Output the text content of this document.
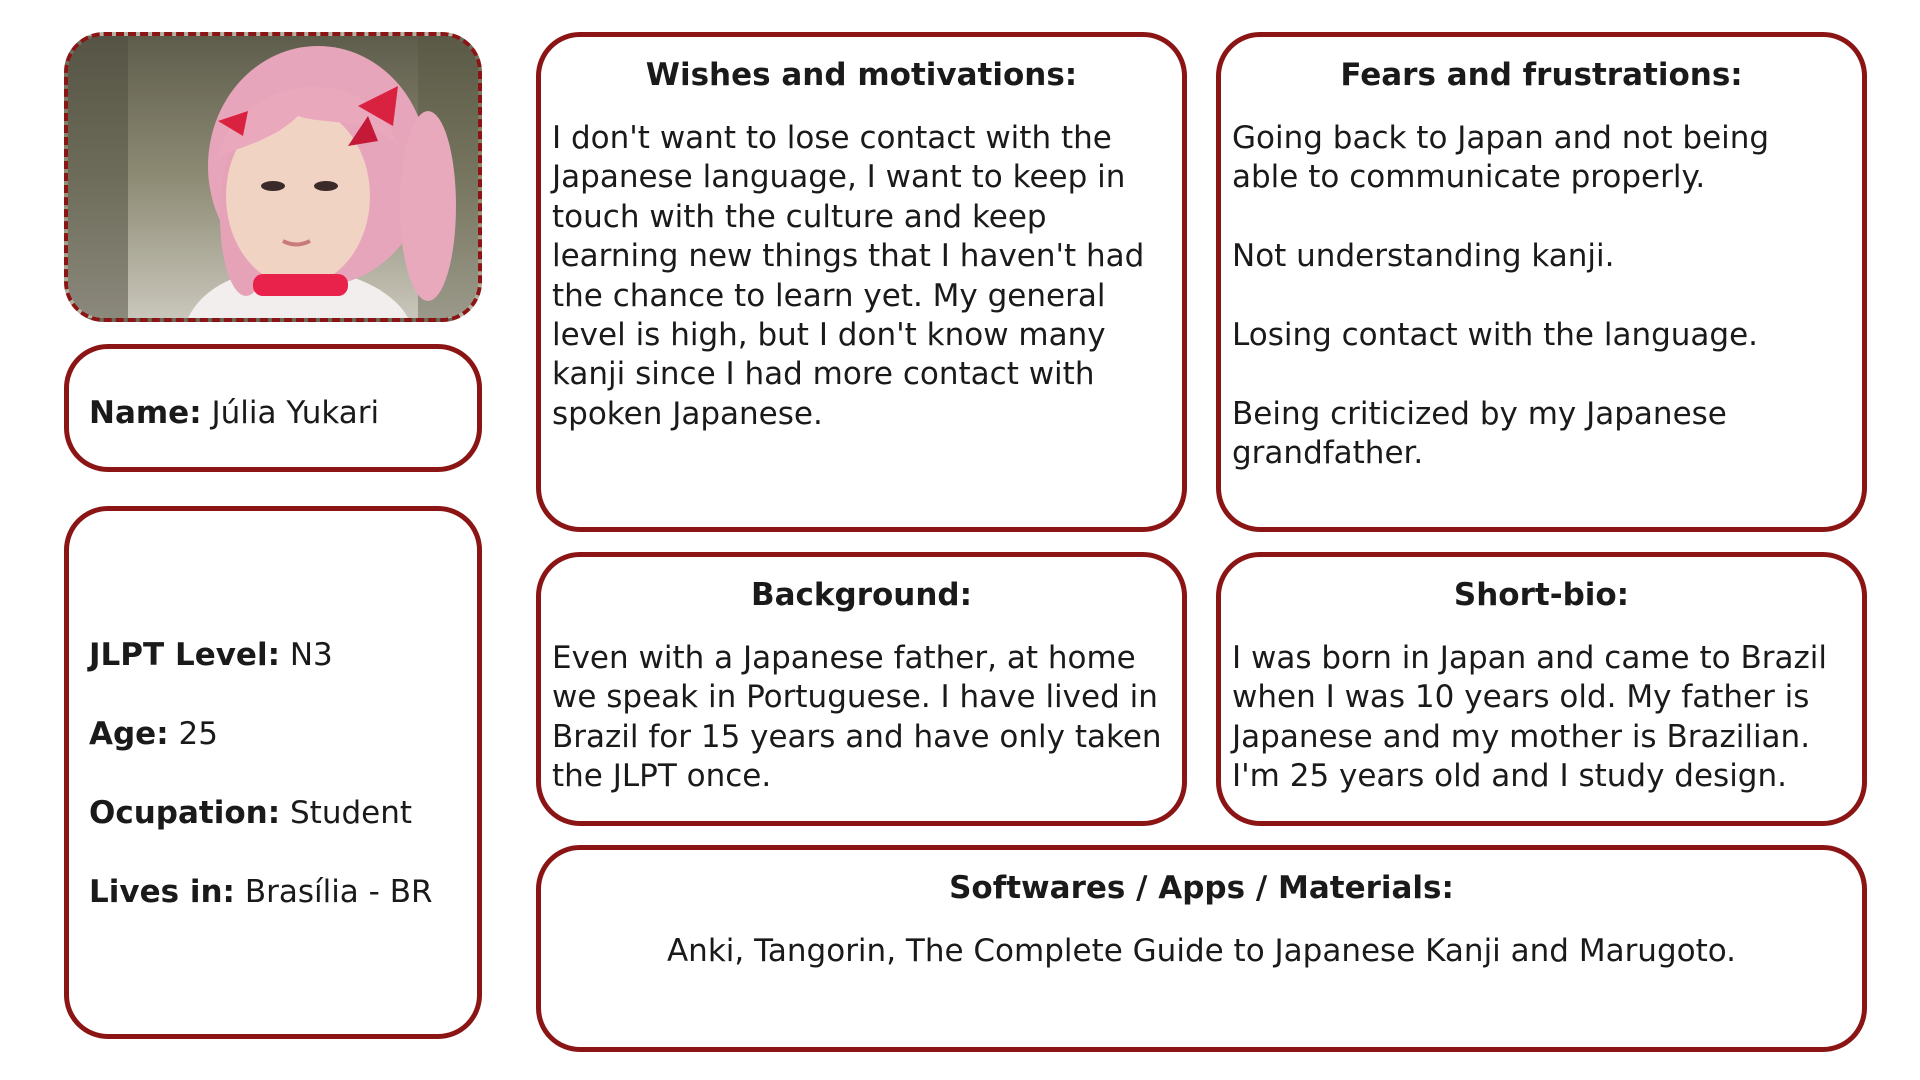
Name: Júlia Yukari
JLPT Level: N3
Age: 25
Ocupation: Student
Lives in: Brasília - BR
Wishes and motivations:

I don't want to lose contact with the
Japanese language, I want to keep in
touch with the culture and keep
learning new things that I haven't had
the chance to learn yet. My general
level is high, but I don't know many
kanji since I had more contact with
spoken Japanese.

Fears and frustrations:

Going back to Japan and not being
able to communicate properly.

Not understanding kanji.

Losing contact with the language.

Being criticized by my Japanese
grandfather.

Background:

Even with a Japanese father, at home
we speak in Portuguese. I have lived in
Brazil for 15 years and have only taken
the JLPT once.

Short-bio:

I was born in Japan and came to Brazil
when I was 10 years old. My father is
Japanese and my mother is Brazilian.
I'm 25 years old and I study design.

Softwares / Apps / Materials:

Anki, Tangorin, The Complete Guide to Japanese Kanji and Marugoto.
